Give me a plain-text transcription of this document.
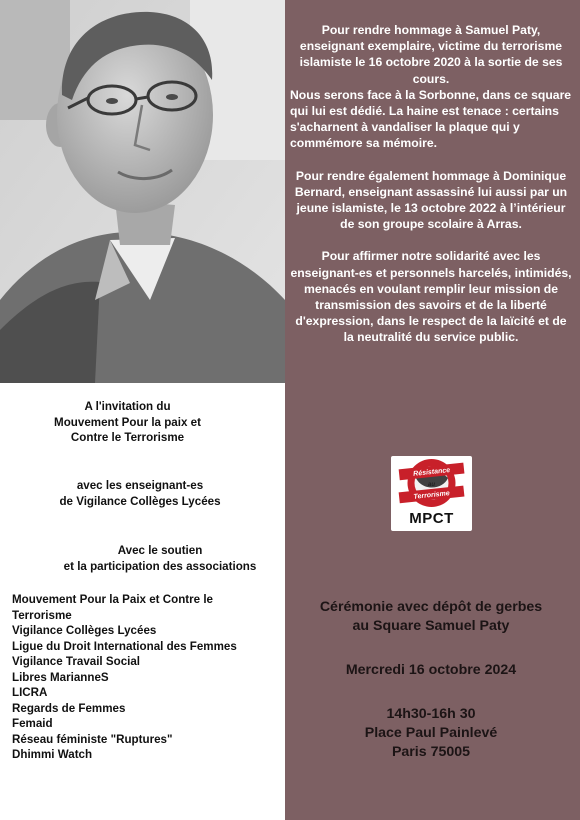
Pour rendre hommage à Samuel Paty, enseignant exemplaire, victime du terrorisme islamiste le 16 octobre 2020 à la sortie de ses cours.

Nous serons face à la Sorbonne, dans ce square qui lui est dédié. La haine est tenace : certains s'acharnent à vandaliser la plaque qui y commémore sa mémoire.

Pour rendre également hommage à Dominique Bernard, enseignant assassiné lui aussi par un jeune islamiste, le 13 octobre 2022 à l’intérieur de son groupe scolaire à Arras.

Pour affirmer notre solidarité avec les enseignant-es et personnels harcelés, intimidés, menacés en voulant remplir leur mission de transmission des savoirs et de la liberté d'expression, dans le respect de la laïcité et de la neutralité du service public.

Résistance
au
Terrorisme
MPCT
Cérémonie avec dépôt de gerbes
au Square Samuel Paty
Mercredi 16 octobre 2024
14h30-16h 30
Place Paul Painlevé
Paris 75005
A l'invitation du
Mouvement Pour la paix et
Contre le Terrorisme
avec les enseignant-es
de Vigilance Collèges Lycées
Avec le soutien
et la participation des associations
Mouvement Pour la Paix et Contre le
Terrorisme
Vigilance Collèges Lycées
Ligue du Droit International des Femmes
Vigilance Travail Social
Libres MarianneS
LICRA
Regards de Femmes
Femaid
Réseau féministe "Ruptures"
Dhimmi Watch
